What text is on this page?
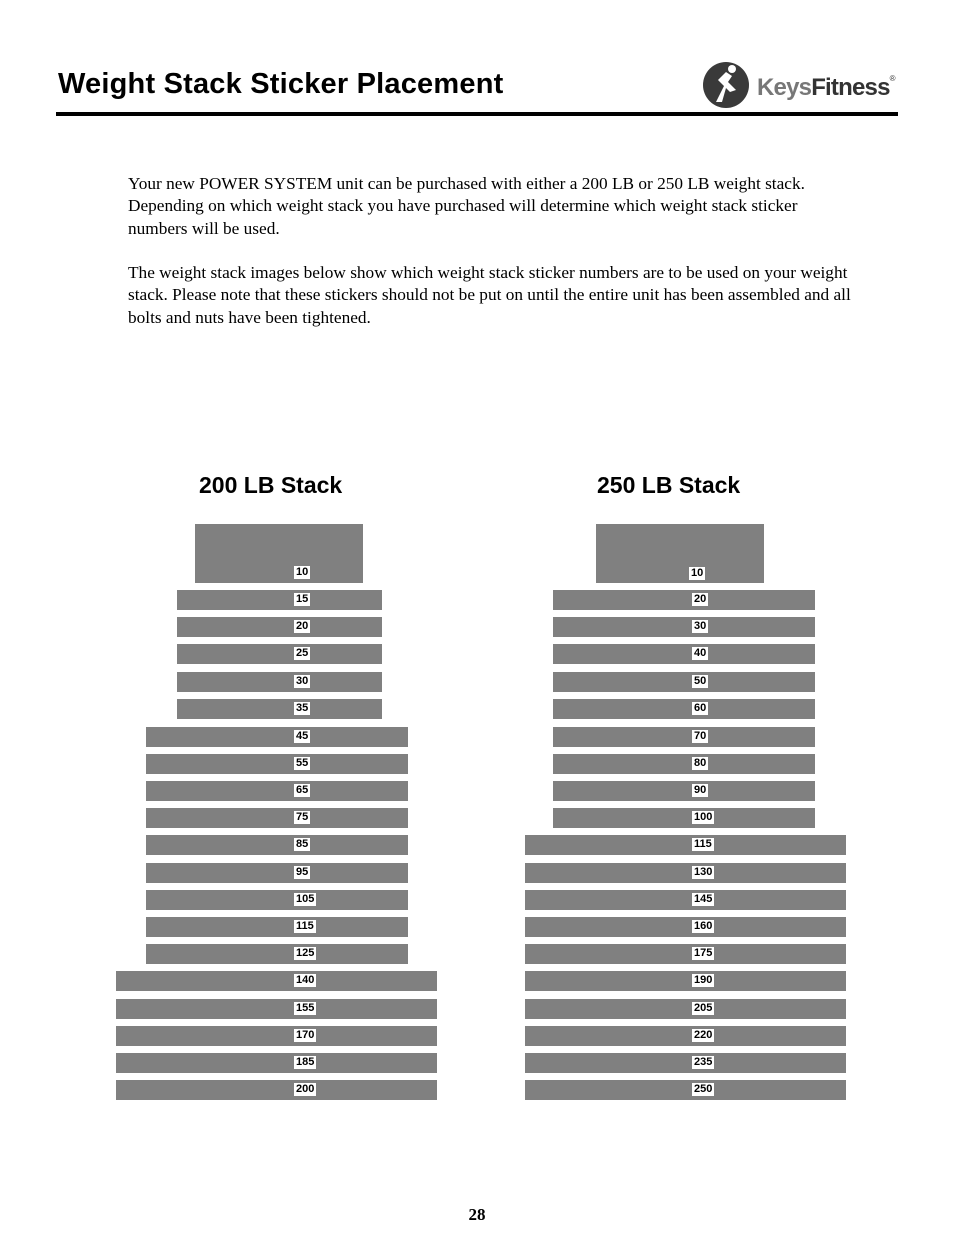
Weight Stack Sticker Placement	KeysFitness®

Your new POWER SYSTEM unit can be purchased with either a 200 LB or 250 LB weight stack. Depending on which weight stack you have purchased will determine which weight stack sticker numbers will be used.

The weight stack images below show which weight stack sticker numbers are to be used on your weight stack. Please note that these stickers should not be put on until the entire unit has been assembled and all bolts and nuts have been tightened.

200 LB Stack	250 LB Stack
10
15
20
25
30
35
45
55
65
75
85
95
105
115
125
140
155
170
185
200
10
20
30
40
50
60
70
80
90
100
115
130
145
160
175
190
205
220
235
250
28
